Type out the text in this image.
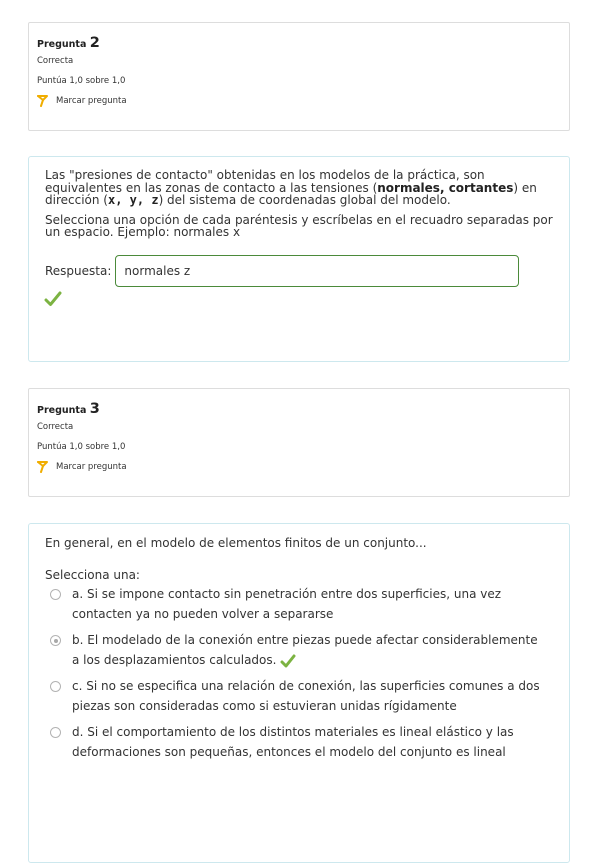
Pregunta 2
Correcta
Puntúa 1,0 sobre 1,0
Marcar pregunta

Las "presiones de contacto" obtenidas en los modelos de la práctica, son equivalentes en las zonas de contacto a las tensiones (normales, cortantes) en dirección (x, y, z) del sistema de coordenadas global del modelo.

Selecciona una opción de cada paréntesis y escríbelas en el recuadro separadas por un espacio. Ejemplo: normales x

Respuesta:
normales z
Pregunta 3
Correcta
Puntúa 1,0 sobre 1,0
Marcar pregunta

En general, en el modelo de elementos finitos de un conjunto...

Selecciona una:

a. Si se impone contacto sin penetración entre dos superficies, una vez contacten ya no pueden volver a separarse
b. El modelado de la conexión entre piezas puede afectar considerablemente a los desplazamientos calculados.
c. Si no se especifica una relación de conexión, las superficies comunes a dos piezas son consideradas como si estuvieran unidas rígidamente
d. Si el comportamiento de los distintos materiales es lineal elástico y las deformaciones son pequeñas, entonces el modelo del conjunto es lineal
